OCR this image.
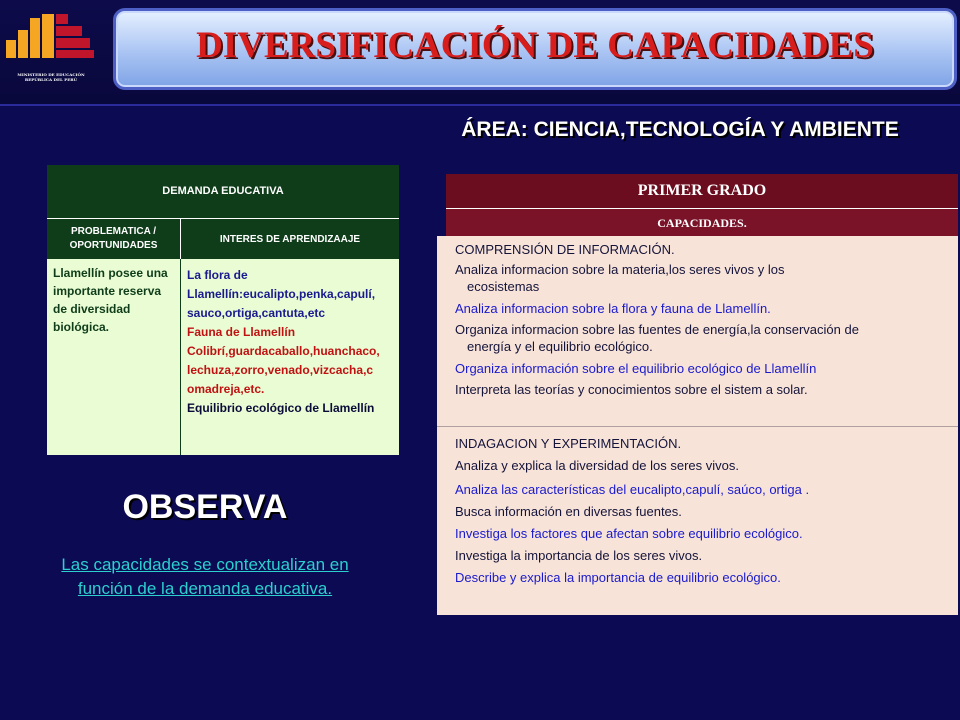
MINISTERIO DE EDUCACIÓN
REPÚBLICA DEL PERÚ
DIVERSIFICACIÓN DE CAPACIDADES
ÁREA: CIENCIA,TECNOLOGÍA Y AMBIENTE
DEMANDA EDUCATIVA
PROBLEMATICA / OPORTUNIDADES
INTERES DE APRENDIZAAJE
Llamellín posee una importante reserva de diversidad biológica.
La flora de
Llamellín:eucalipto,penka,capulí,
sauco,ortiga,cantuta,etc
Fauna de Llamellín
Colibrí,guardacaballo,huanchaco,
lechuza,zorro,venado,vizcacha,c
omadreja,etc.
Equilibrio ecológico de Llamellín
PRIMER GRADO
CAPACIDADES.
COMPRENSIÓN DE INFORMACIÓN.
Analiza informacion sobre la materia,los seres vivos y los
ecosistemas
Analiza informacion sobre la flora y fauna de Llamellín.
Organiza informacion sobre las fuentes de energía,la conservación de
energía y el equilibrio ecológico.
Organiza información sobre el equilibrio ecológico de Llamellín
Interpreta las teorías y conocimientos sobre el sistem a solar.
INDAGACION Y EXPERIMENTACIÓN.
Analiza y explica la diversidad de los seres vivos.
Analiza las características del eucalipto,capulí, saúco, ortiga .
Busca información en diversas fuentes.
Investiga los factores que afectan sobre equilibrio ecológico.
Investiga la importancia de los seres vivos.
Describe y explica la importancia de equilibrio ecológico.
OBSERVA
Las capacidades se contextualizan en función de la demanda educativa.
